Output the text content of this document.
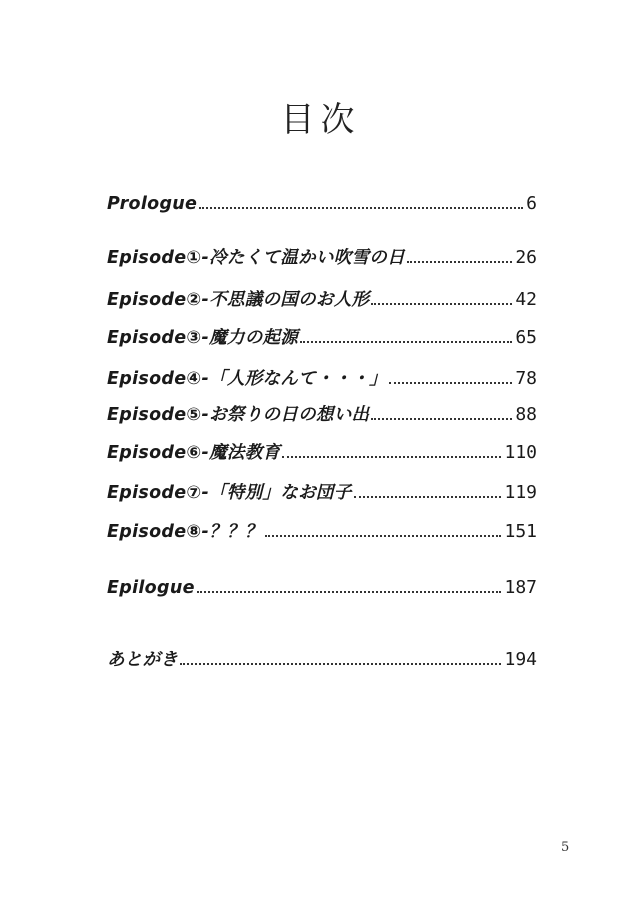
目次
Prologue	6
Episode①-冷たくて温かい吹雪の日	26
Episode②-不思議の国のお人形	42
Episode③-魔力の起源	65
Episode④-「人形なんて・・・」	78
Episode⑤-お祭りの日の想い出	88
Episode⑥-魔法教育	110
Episode⑦-「特別」なお団子	119
Episode⑧-？？？	151
Epilogue	187
あとがき	194
5
